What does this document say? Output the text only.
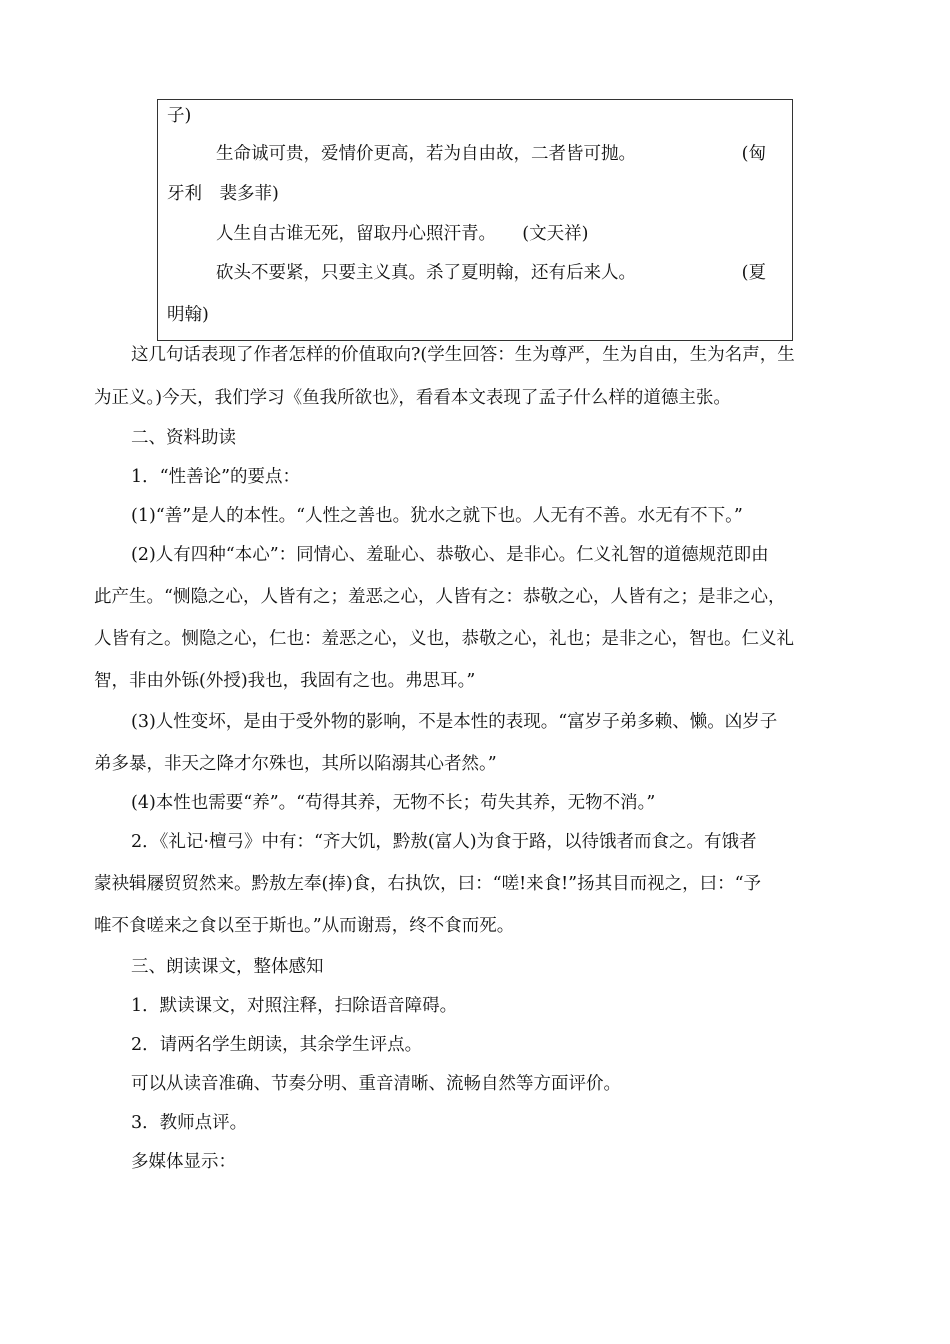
子)
生命诚可贵，爱情价更高，若为自由故，二者皆可抛。	(匈
牙利　裴多菲)
人生自古谁无死，留取丹心照汗青。　　(文天祥)
砍头不要紧，只要主义真。杀了夏明翰，还有后来人。	(夏
明翰)
这几句话表现了作者怎样的价值取向?(学生回答：生为尊严，生为自由，生为名声，生
为正义。)今天，我们学习《鱼我所欲也》，看看本文表现了孟子什么样的道德主张。
二、资料助读
1．“性善论”的要点：
(1)“善”是人的本性。“人性之善也。犹水之就下也。人无有不善。水无有不下。”
(2)人有四种“本心”：同情心、羞耻心、恭敬心、是非心。仁义礼智的道德规范即由
此产生。“恻隐之心，人皆有之；羞恶之心，人皆有之：恭敬之心，人皆有之；是非之心，
人皆有之。恻隐之心，仁也：羞恶之心，义也，恭敬之心，礼也；是非之心，智也。仁义礼
智，非由外铄(外授)我也，我固有之也。弗思耳。”
(3)人性变坏，是由于受外物的影响，不是本性的表现。“富岁子弟多赖、懒。凶岁子
弟多暴，非天之降才尔殊也，其所以陷溺其心者然。”
(4)本性也需要“养”。“苟得其养，无物不长；苟失其养，无物不消。”
2．《礼记·檀弓》中有：“齐大饥，黔敖(富人)为食于路，以待饿者而食之。有饿者
蒙袂辑屦贸贸然来。黔敖左奉(捧)食，右执饮，曰：“嗟!来食!”扬其目而视之，曰：“予
唯不食嗟来之食以至于斯也。”从而谢焉，终不食而死。
三、朗读课文，整体感知
1．默读课文，对照注释，扫除语音障碍。
2．请两名学生朗读，其余学生评点。
可以从读音准确、节奏分明、重音清晰、流畅自然等方面评价。
3．教师点评。
多媒体显示：
